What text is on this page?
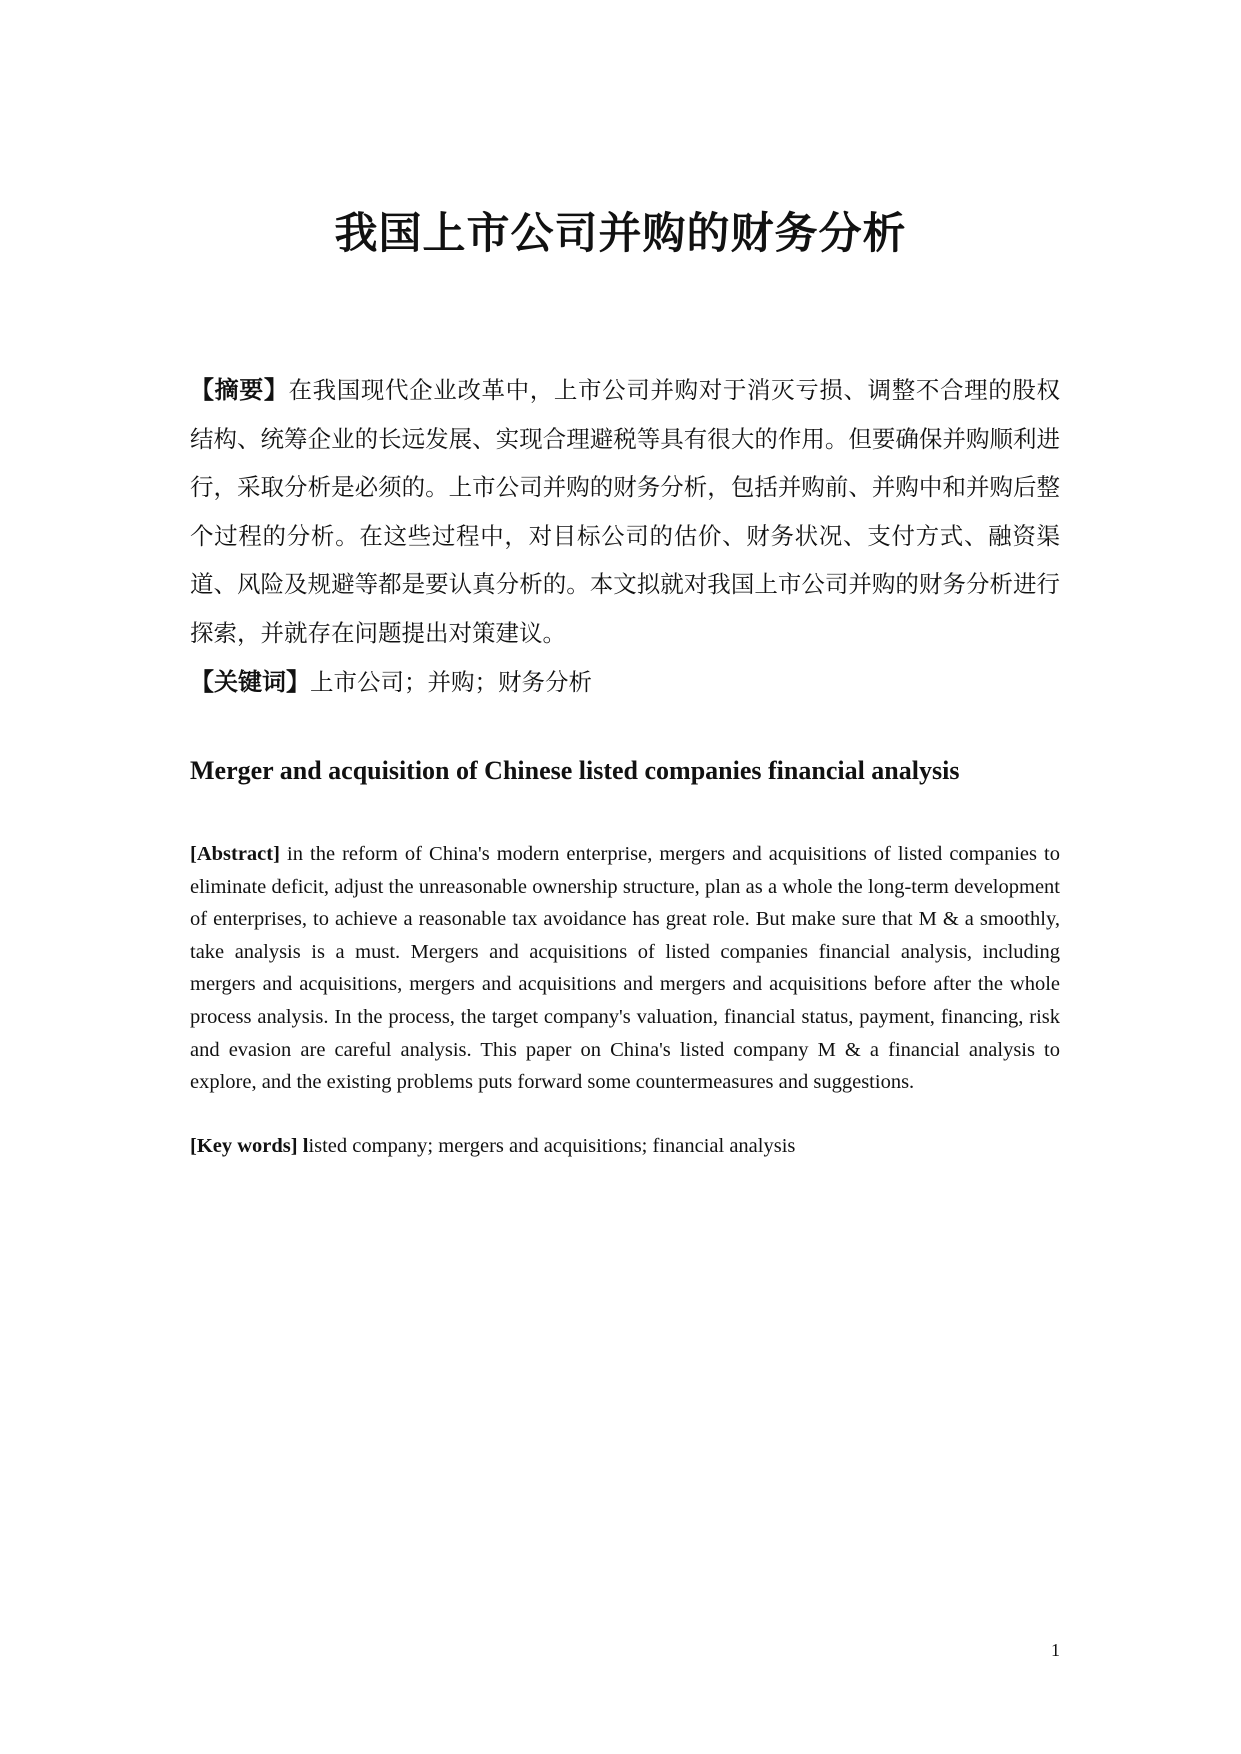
我国上市公司并购的财务分析
【摘要】在我国现代企业改革中，上市公司并购对于消灭亏损、调整不合理的股权结构、统筹企业的长远发展、实现合理避税等具有很大的作用。但要确保并购顺利进行，采取分析是必须的。上市公司并购的财务分析，包括并购前、并购中和并购后整个过程的分析。在这些过程中，对目标公司的估价、财务状况、支付方式、融资渠道、风险及规避等都是要认真分析的。本文拟就对我国上市公司并购的财务分析进行探索，并就存在问题提出对策建议。
【关键词】上市公司；并购；财务分析
Merger and acquisition of Chinese listed companies financial analysis
[Abstract] in the reform of China's modern enterprise, mergers and acquisitions of listed companies to eliminate deficit, adjust the unreasonable ownership structure, plan as a whole the long-term development of enterprises, to achieve a reasonable tax avoidance has great role. But make sure that M & a smoothly, take analysis is a must. Mergers and acquisitions of listed companies financial analysis, including mergers and acquisitions, mergers and acquisitions and mergers and acquisitions before after the whole process analysis. In the process, the target company's valuation, financial status, payment, financing, risk and evasion are careful analysis. This paper on China's listed company M & a financial analysis to explore, and the existing problems puts forward some countermeasures and suggestions.
[Key words] listed company; mergers and acquisitions; financial analysis
1
